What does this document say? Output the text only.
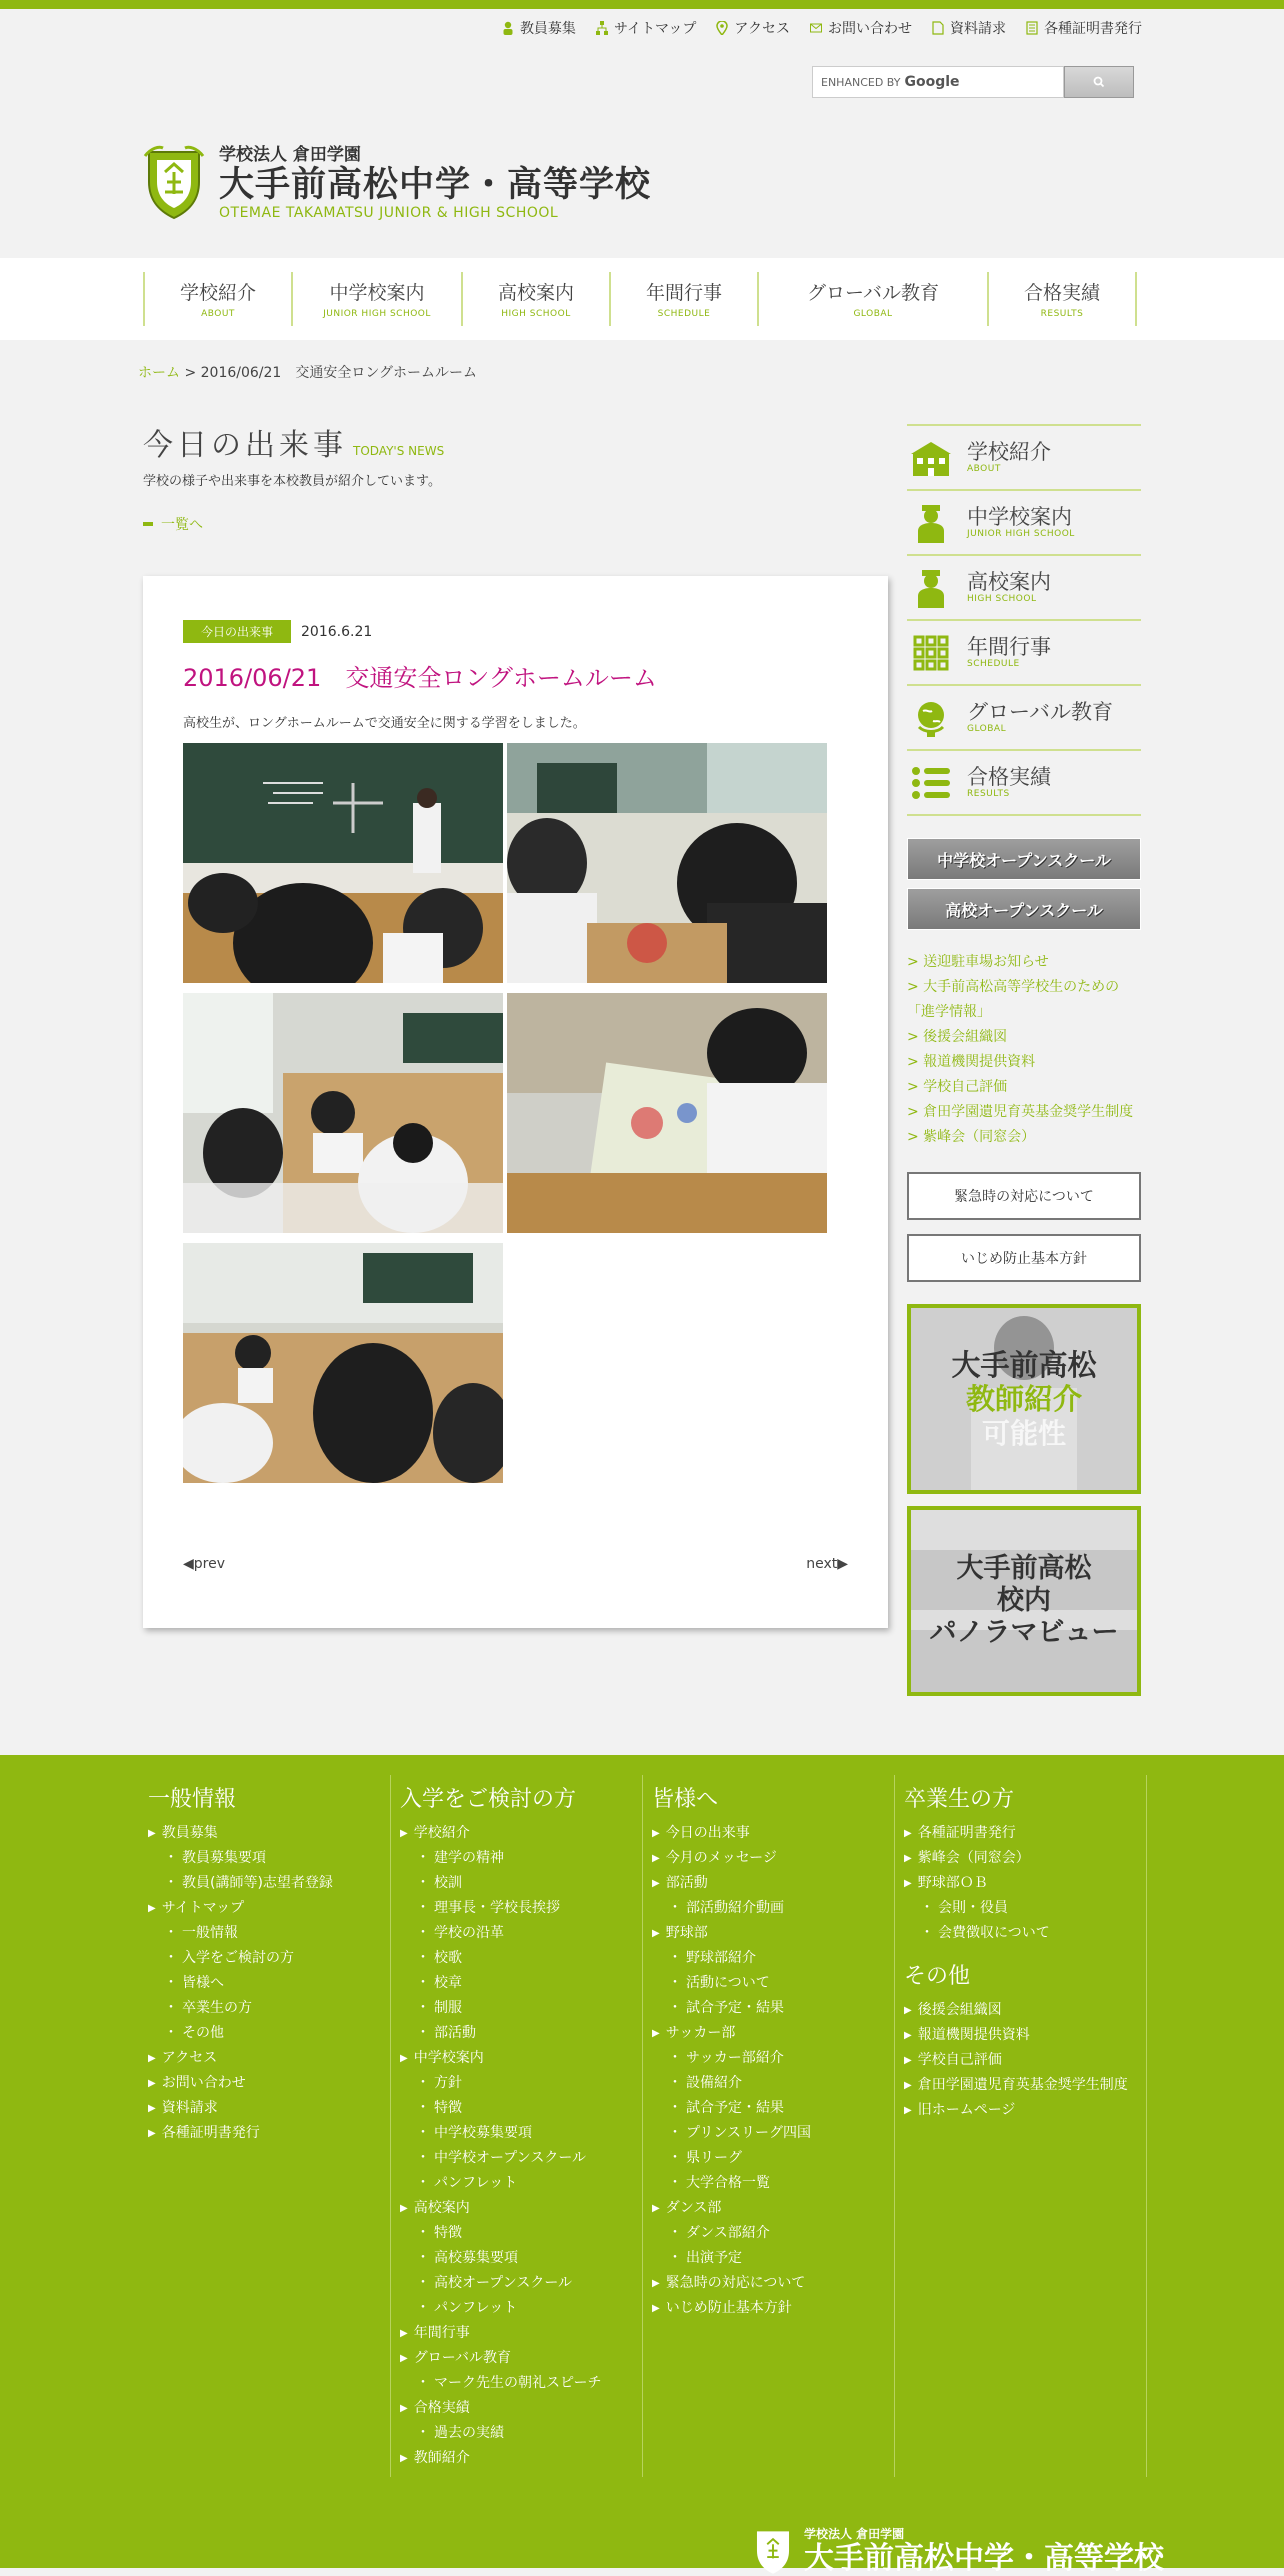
教員募集	サイトマップ	アクセス	お問い合わせ	資料請求	各種証明書発行
ENHANCED BY Google
学校法人 倉田学園
大手前高松中学・高等学校
OTEMAE TAKAMATSU JUNIOR & HIGH SCHOOL
学校紹介
ABOUT
中学校案内
JUNIOR HIGH SCHOOL
高校案内
HIGH SCHOOL
年間行事
SCHEDULE
グローバル教育
GLOBAL
合格実績
RESULTS
ホーム > 2016/06/21　交通安全ロングホームルーム
今日の出来事 TODAY'S NEWS
学校の様子や出来事を本校教員が紹介しています。
一覧へ
今日の出来事	2016.6.21
2016/06/21　交通安全ロングホームルーム
高校生が、ロングホームルームで交通安全に関する学習をしました。
◀prev	next▶
学校紹介
ABOUT
中学校案内
JUNIOR HIGH SCHOOL
高校案内
HIGH SCHOOL
年間行事
SCHEDULE
グローバル教育
GLOBAL
合格実績
RESULTS
中学校オープンスクール
高校オープンスクール
> 送迎駐車場お知らせ
> 大手前高松高等学校生のための
「進学情報」
> 後援会組織図
> 報道機関提供資料
> 学校自己評価
> 倉田学園遺児育英基金奨学生制度
> 紫峰会（同窓会）
緊急時の対応について
いじめ防止基本方針
大手前高松
教師紹介
可能性
大手前高松
校内
パノラマビュー
一般情報
▶ 教員募集
・ 教員募集要項
・ 教員(講師等)志望者登録
▶ サイトマップ
・ 一般情報
・ 入学をご検討の方
・ 皆様へ
・ 卒業生の方
・ その他
▶ アクセス
▶ お問い合わせ
▶ 資料請求
▶ 各種証明書発行
入学をご検討の方
▶ 学校紹介
・ 建学の精神
・ 校訓
・ 理事長・学校長挨拶
・ 学校の沿革
・ 校歌
・ 校章
・ 制服
・ 部活動
▶ 中学校案内
・ 方針
・ 特徴
・ 中学校募集要項
・ 中学校オープンスクール
・ パンフレット
▶ 高校案内
・ 特徴
・ 高校募集要項
・ 高校オープンスクール
・ パンフレット
▶ 年間行事
▶ グローバル教育
・ マーク先生の朝礼スピーチ
▶ 合格実績
・ 過去の実績
▶ 教師紹介
皆様へ
▶ 今日の出来事
▶ 今月のメッセージ
▶ 部活動
・ 部活動紹介動画
▶ 野球部
・ 野球部紹介
・ 活動について
・ 試合予定・結果
▶ サッカー部
・ サッカー部紹介
・ 設備紹介
・ 試合予定・結果
・ プリンスリーグ四国
・ 県リーグ
・ 大学合格一覧
▶ ダンス部
・ ダンス部紹介
・ 出演予定
▶ 緊急時の対応について
▶ いじめ防止基本方針
卒業生の方
▶ 各種証明書発行
▶ 紫峰会（同窓会）
▶ 野球部ＯＢ
・ 会則・役員
・ 会費徴収について
その他
▶ 後援会組織図
▶ 報道機関提供資料
▶ 学校自己評価
▶ 倉田学園遺児育英基金奨学生制度
▶ 旧ホームページ
学校法人 倉田学園
大手前高松中学・高等学校
